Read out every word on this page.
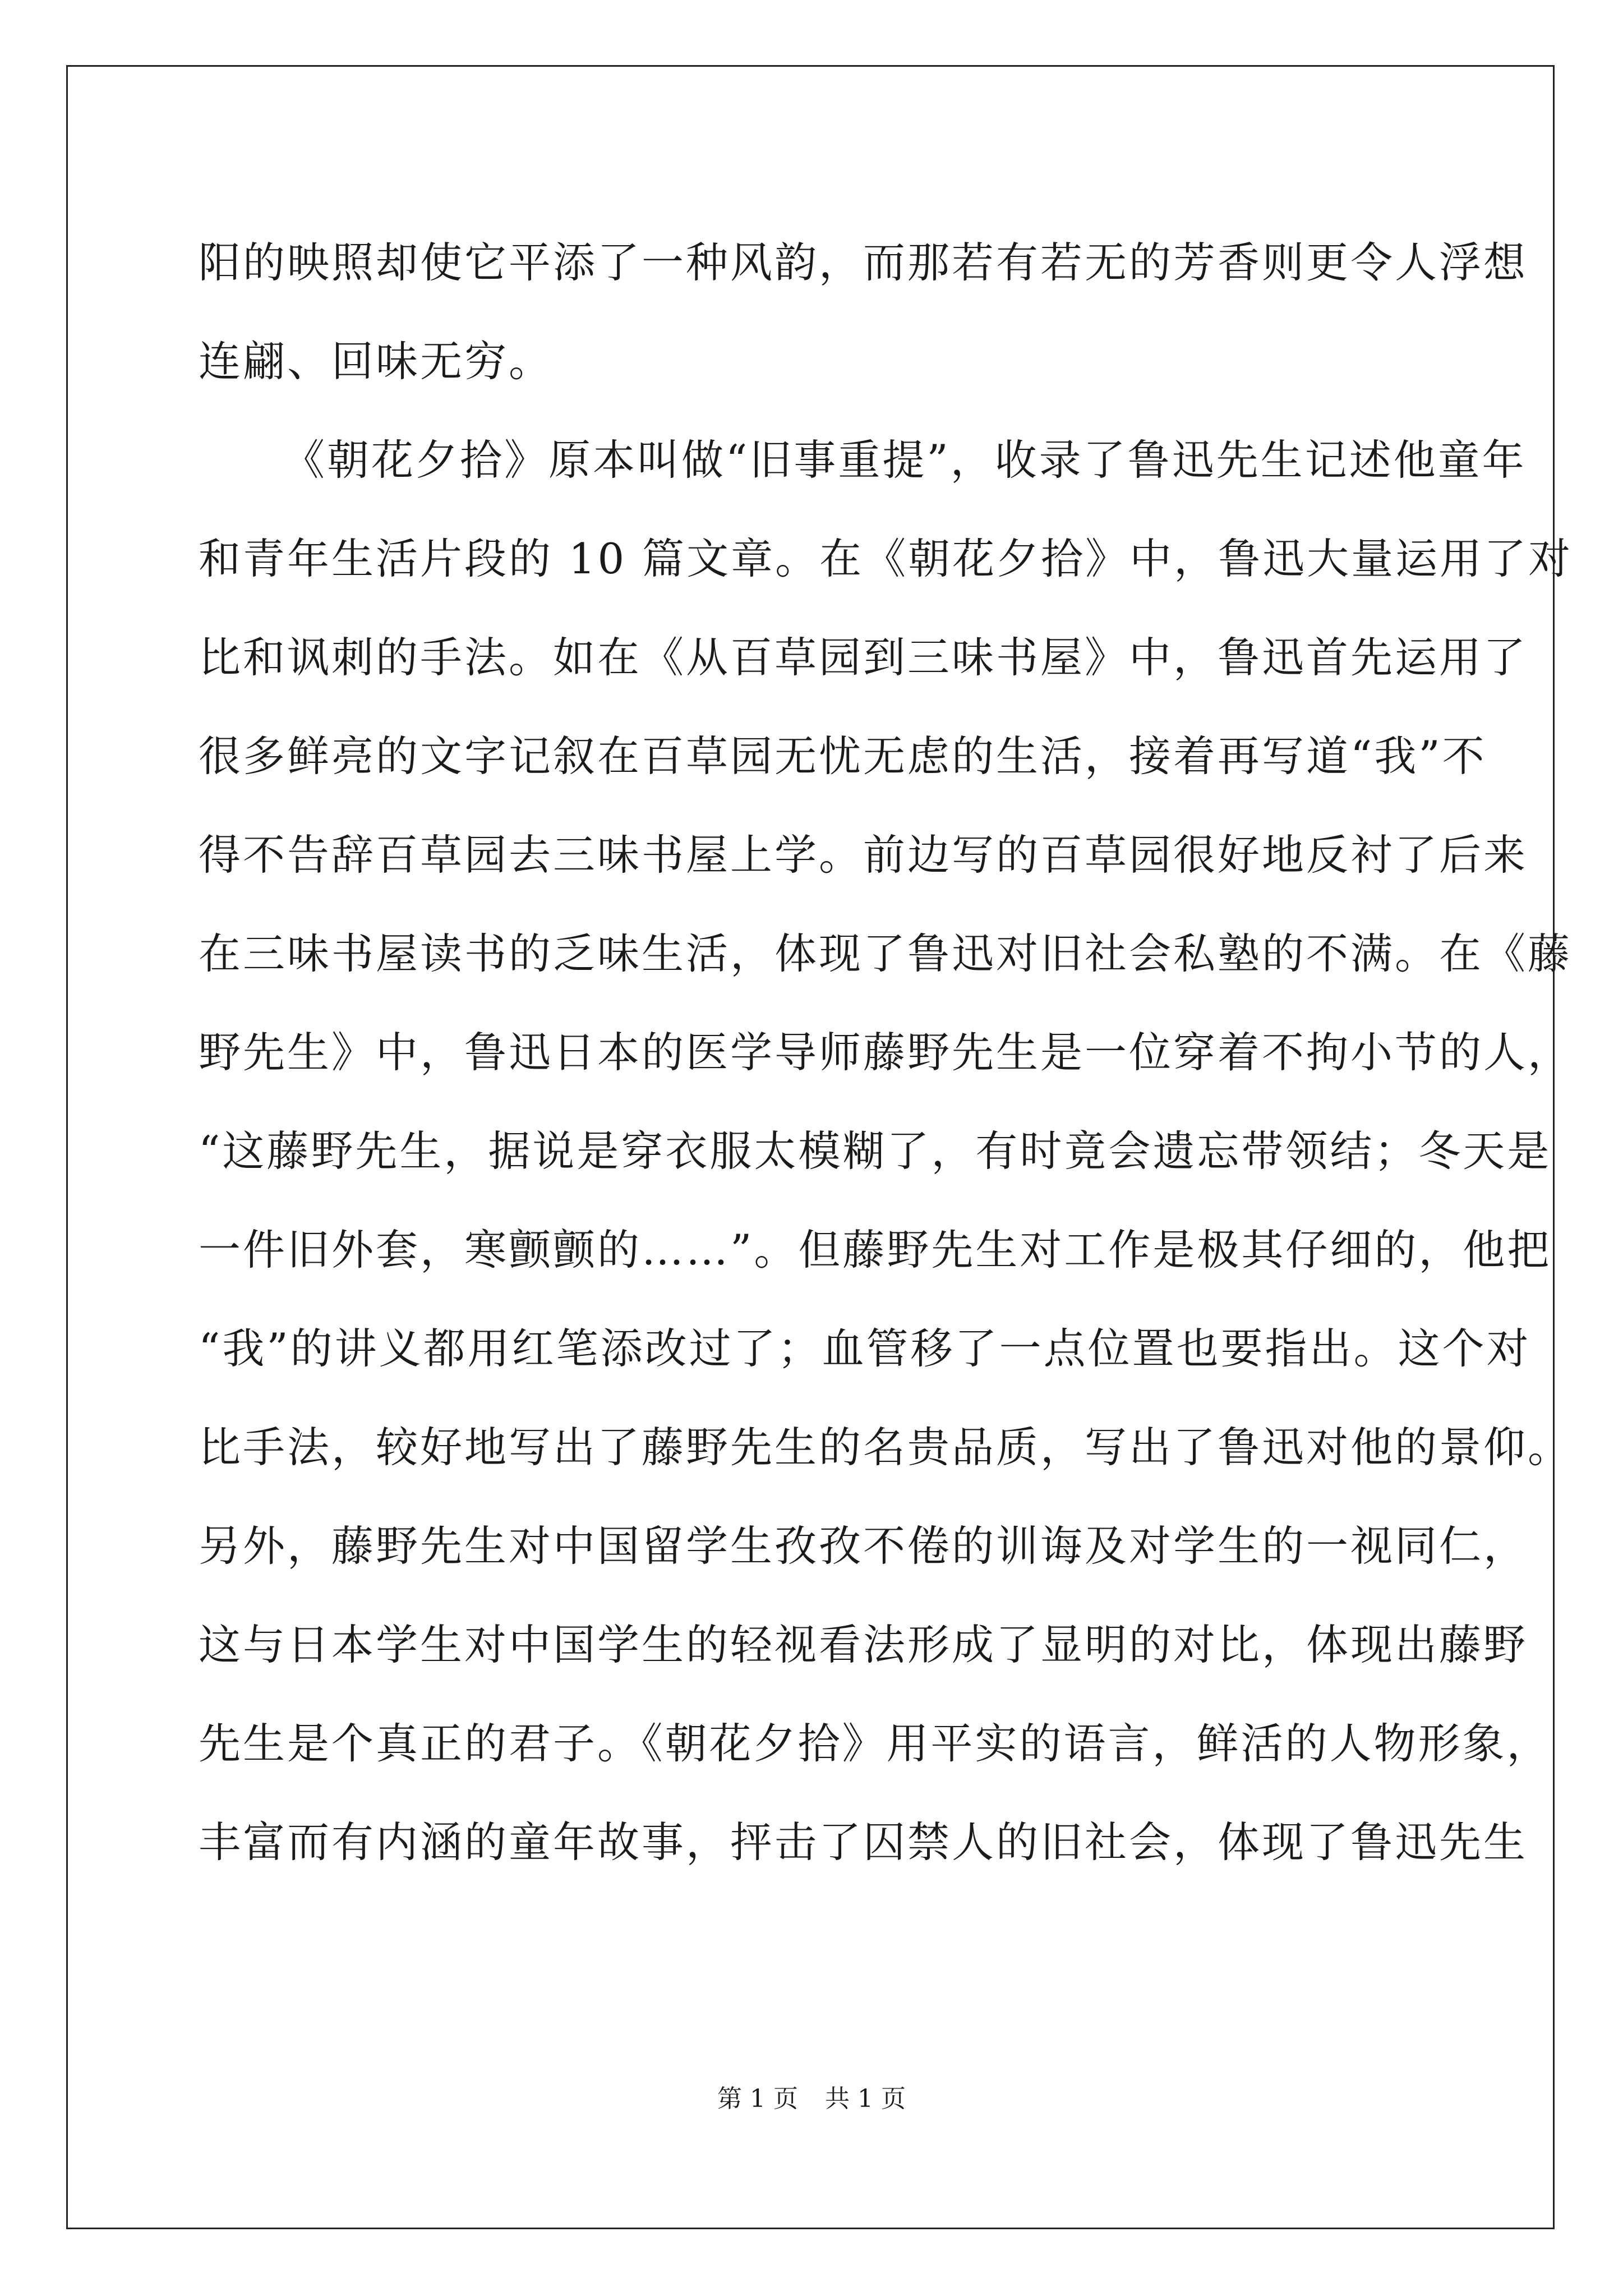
阳的映照却使它平添了一种风韵，而那若有若无的芳香则更令人浮想
连翩、回味无穷。
《朝花夕拾》原本叫做“旧事重提”，收录了鲁迅先生记述他童年
和青年生活片段的 10 篇文章。在《朝花夕拾》中，鲁迅大量运用了对
比和讽刺的手法。如在《从百草园到三味书屋》中，鲁迅首先运用了
很多鲜亮的文字记叙在百草园无忧无虑的生活，接着再写道“我”不
得不告辞百草园去三味书屋上学。前边写的百草园很好地反衬了后来
在三味书屋读书的乏味生活，体现了鲁迅对旧社会私塾的不满。在《藤
野先生》中，鲁迅日本的医学导师藤野先生是一位穿着不拘小节的人，
“这藤野先生，据说是穿衣服太模糊了，有时竟会遗忘带领结；冬天是
一件旧外套，寒颤颤的……”。但藤野先生对工作是极其仔细的，他把
“我”的讲义都用红笔添改过了；血管移了一点位置也要指出。这个对
比手法，较好地写出了藤野先生的名贵品质，写出了鲁迅对他的景仰。
另外，藤野先生对中国留学生孜孜不倦的训诲及对学生的一视同仁，
这与日本学生对中国学生的轻视看法形成了显明的对比，体现出藤野
先生是个真正的君子。《朝花夕拾》用平实的语言，鲜活的人物形象，
丰富而有内涵的童年故事，抨击了囚禁人的旧社会，体现了鲁迅先生
第 1 页 共 1 页
